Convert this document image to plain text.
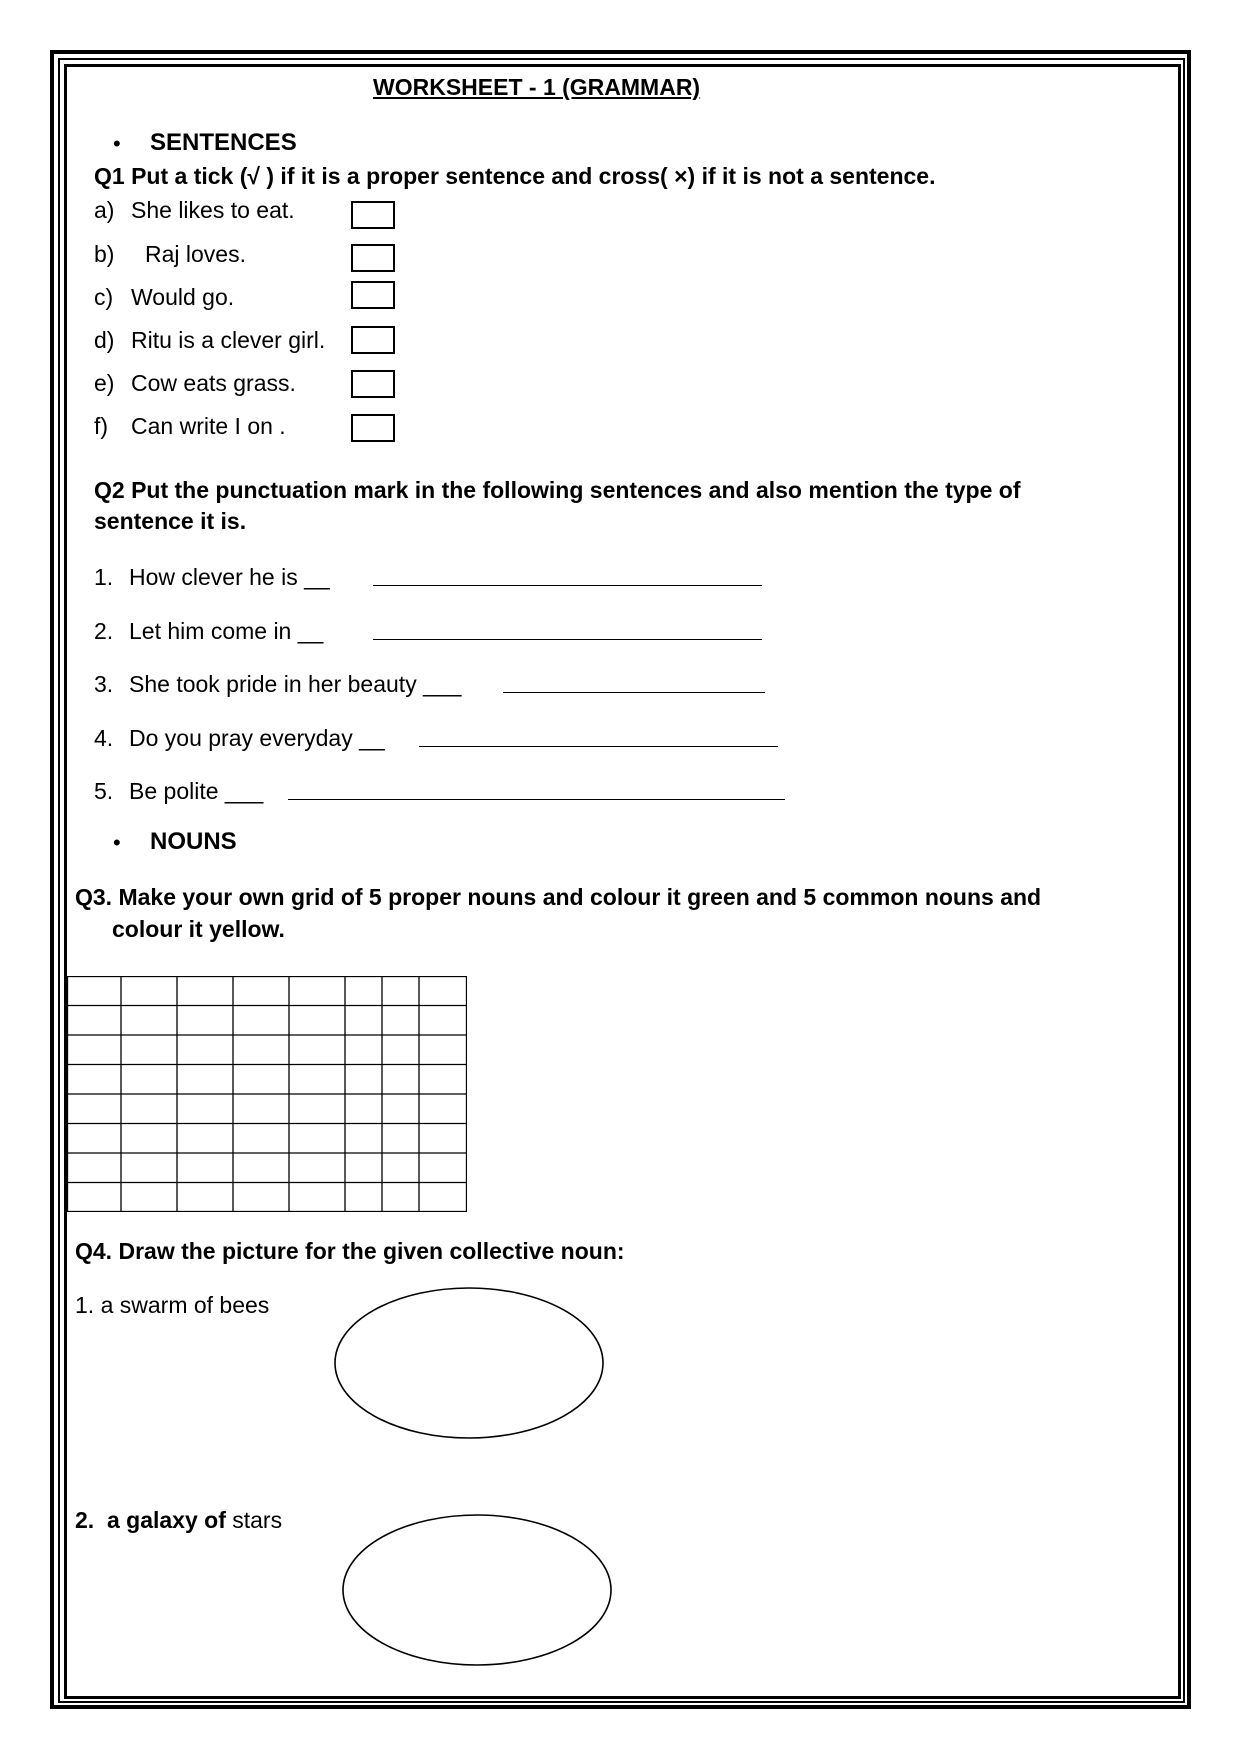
WORKSHEET - 1 (GRAMMAR)
• SENTENCES
Q1 Put a tick (√ ) if it is a proper sentence and cross( ×) if it is not a sentence.
a) She likes to eat.
b) Raj loves.
c) Would go.
d) Ritu is a clever girl.
e) Cow eats grass.
f) Can write I on .
Q2 Put the punctuation mark in the following sentences and also mention the type of
sentence it is.
1. How clever he is __
2. Let him come in __
3. She took pride in her beauty ___
4. Do you pray everyday __
5. Be polite ___
• NOUNS
Q3. Make your own grid of 5 proper nouns and colour it green and 5 common nouns and
colour it yellow.
Q4. Draw the picture for the given collective noun:
1. a swarm of bees
2. a galaxy of stars
